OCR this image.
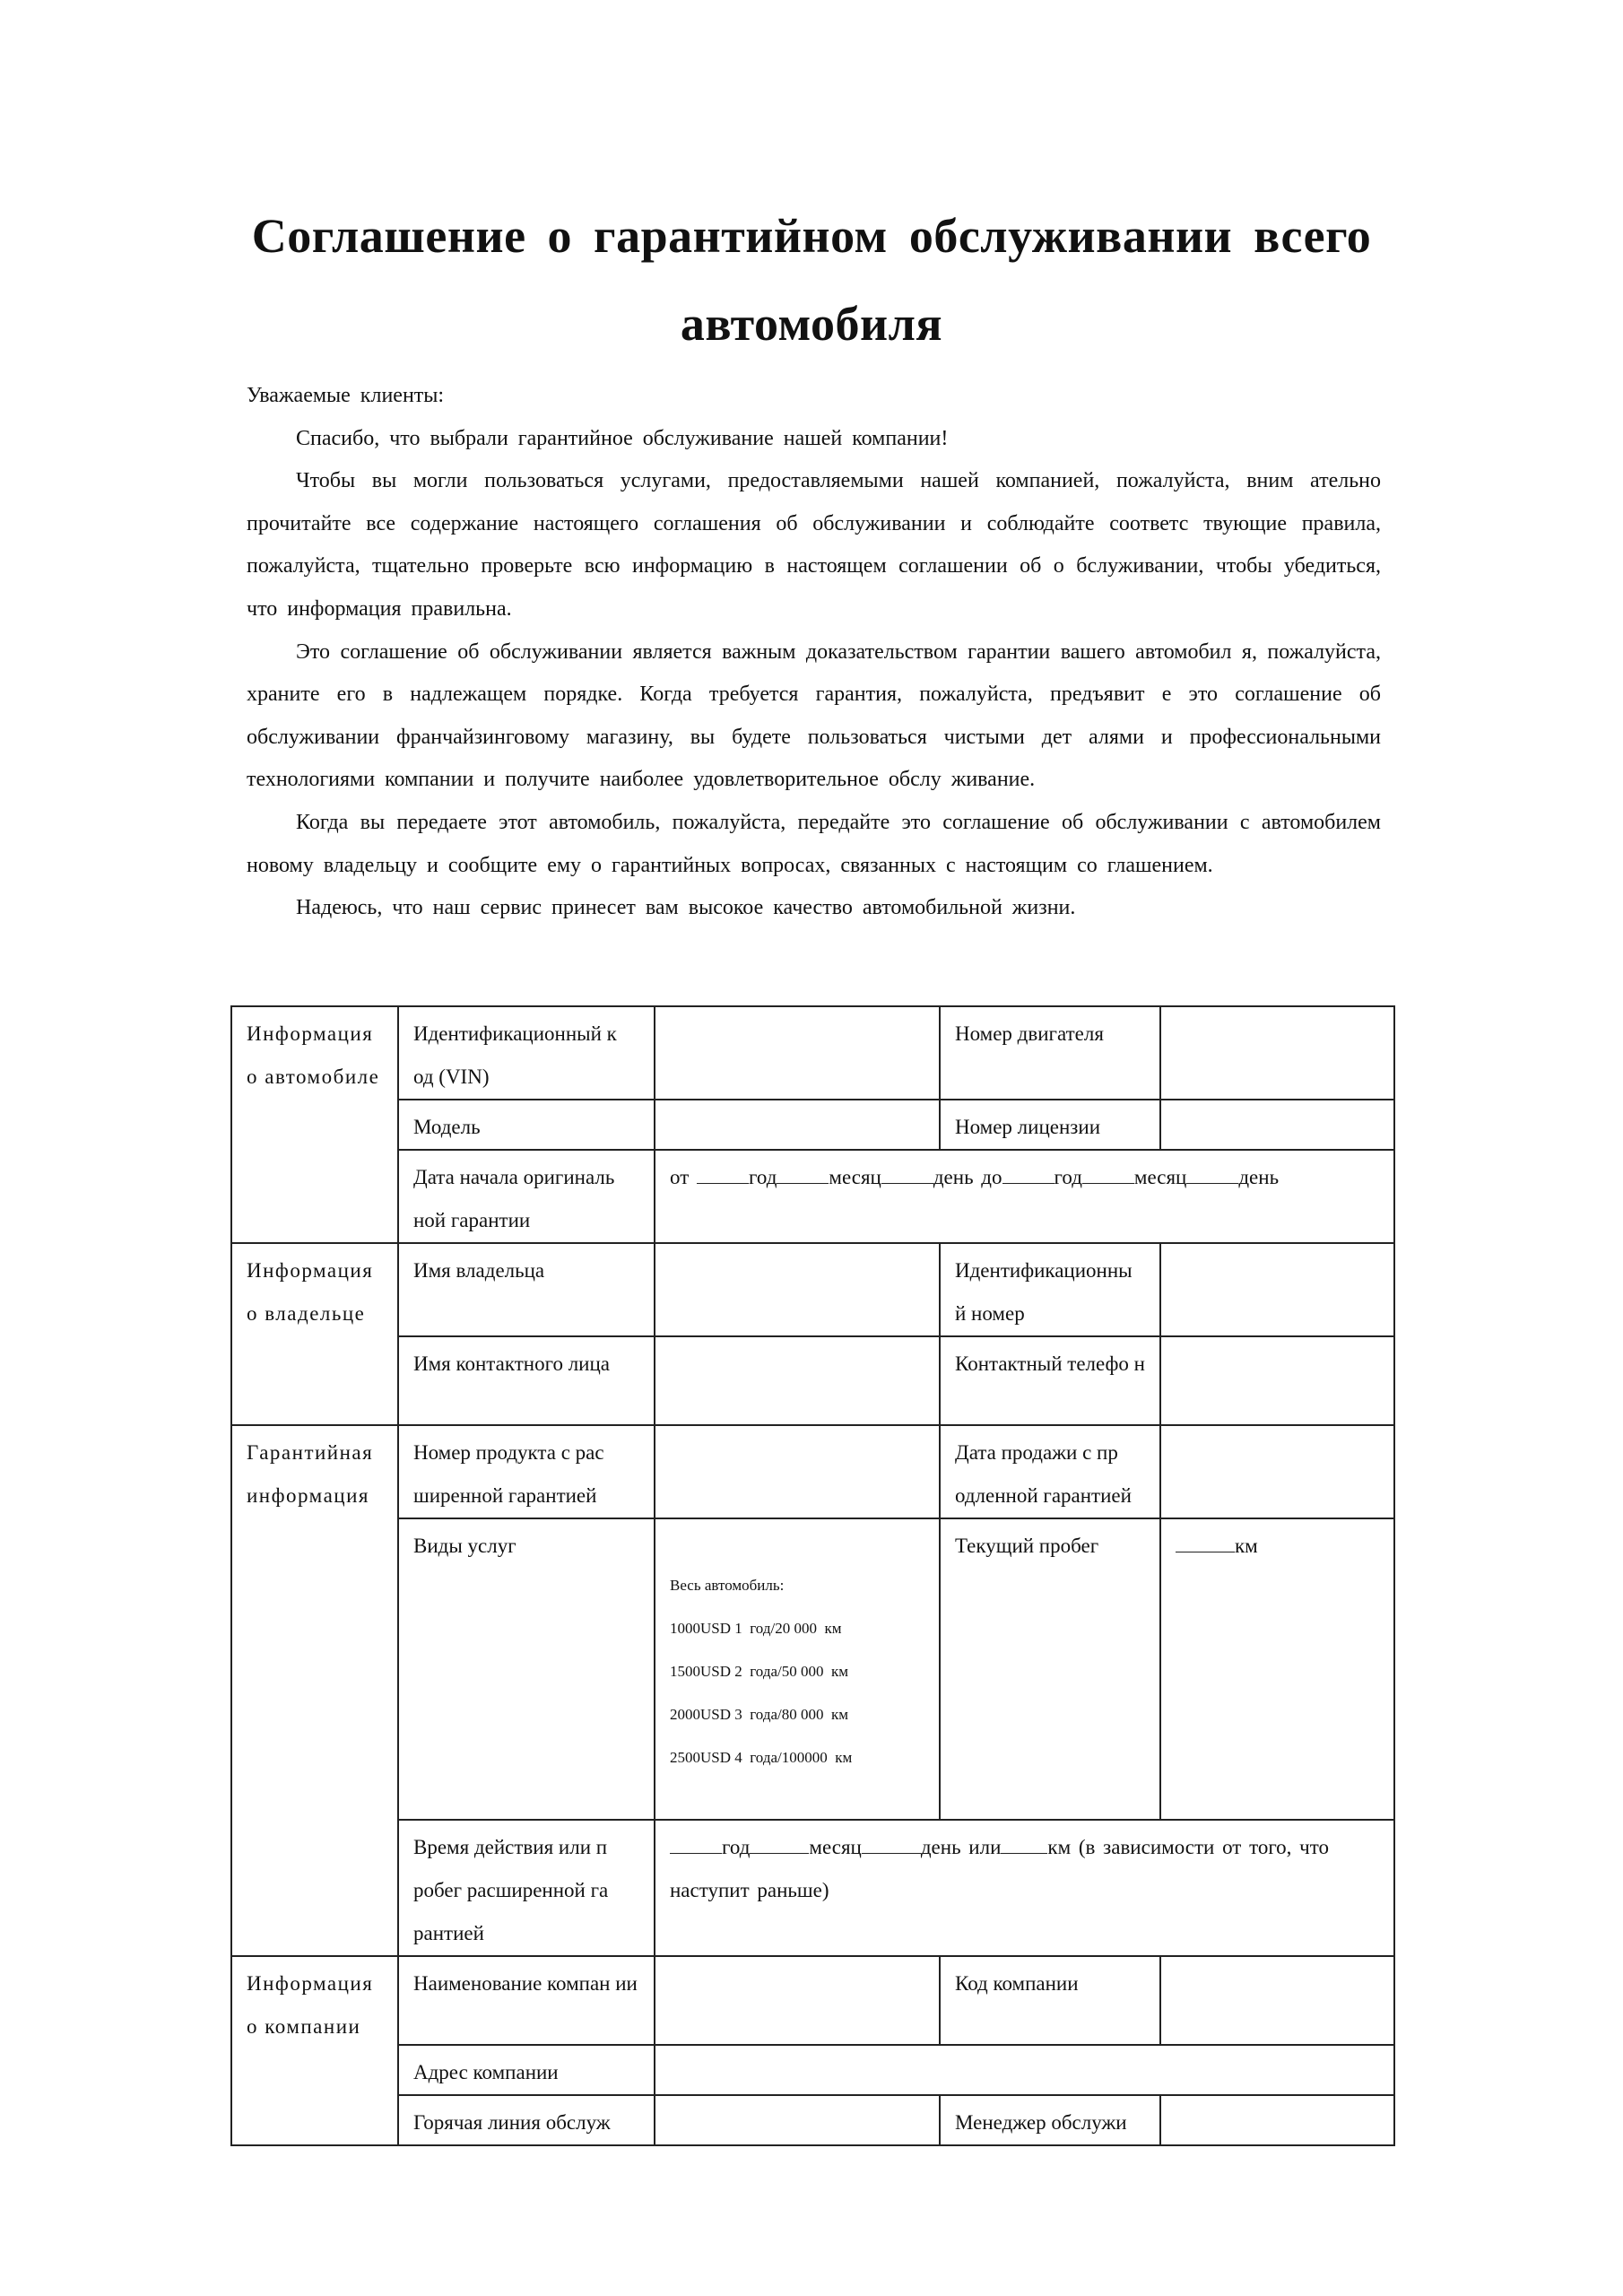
Соглашение о гарантийном обслуживании всего
автомобиля

Уважаемые клиенты:

Спасибо, что выбрали гарантийное обслуживание нашей компании!

Чтобы вы могли пользоваться услугами, предоставляемыми нашей компанией, пожалуйста, вним ательно прочитайте все содержание настоящего соглашения об обслуживании и соблюдайте соответс твующие правила, пожалуйста, тщательно проверьте всю информацию в настоящем соглашении об о бслуживании, чтобы убедиться, что информация правильна.

Это соглашение об обслуживании является важным доказательством гарантии вашего автомобил я, пожалуйста, храните его в надлежащем порядке. Когда требуется гарантия, пожалуйста, предъявит е это соглашение об обслуживании франчайзинговому магазину, вы будете пользоваться чистыми дет алями и профессиональными технологиями компании и получите наиболее удовлетворительное обслу живание.

Когда вы передаете этот автомобиль, пожалуйста, передайте это соглашение об обслуживании с автомобилем новому владельцу и сообщите ему о гарантийных вопросах, связанных с настоящим со глашением.

Надеюсь, что наш сервис принесет вам высокое качество автомобильной жизни.

Информация о автомобиле	Идентификационный к од (VIN)		Номер двигателя	
	Модель		Номер лицензии	
	Дата начала оригиналь ной гарантии	от год месяц день до год месяц день		
Информация о владельце	Имя владельца		Идентификационны й номер	
	Имя контактного лица		Контактный телефо н	
Гарантийная информация	Номер продукта с рас ширенной гарантией		Дата продажи с пр одленной гарантией	
	Виды услуг	Весь автомобиль:
1000USD 1  год/20 000  км
1500USD 2  года/50 000  км
2000USD 3  года/80 000  км
2500USD 4  года/100000  км	Текущий пробег	км
	Время действия или п робег расширенной га рантией	год месяц день или км (в зависимости от того, что наступит раньше)		
Информация о компании	Наименование компан ии		Код компании	
	Адрес компании			
	Горячая линия обслуж		Менеджер обслужи	
